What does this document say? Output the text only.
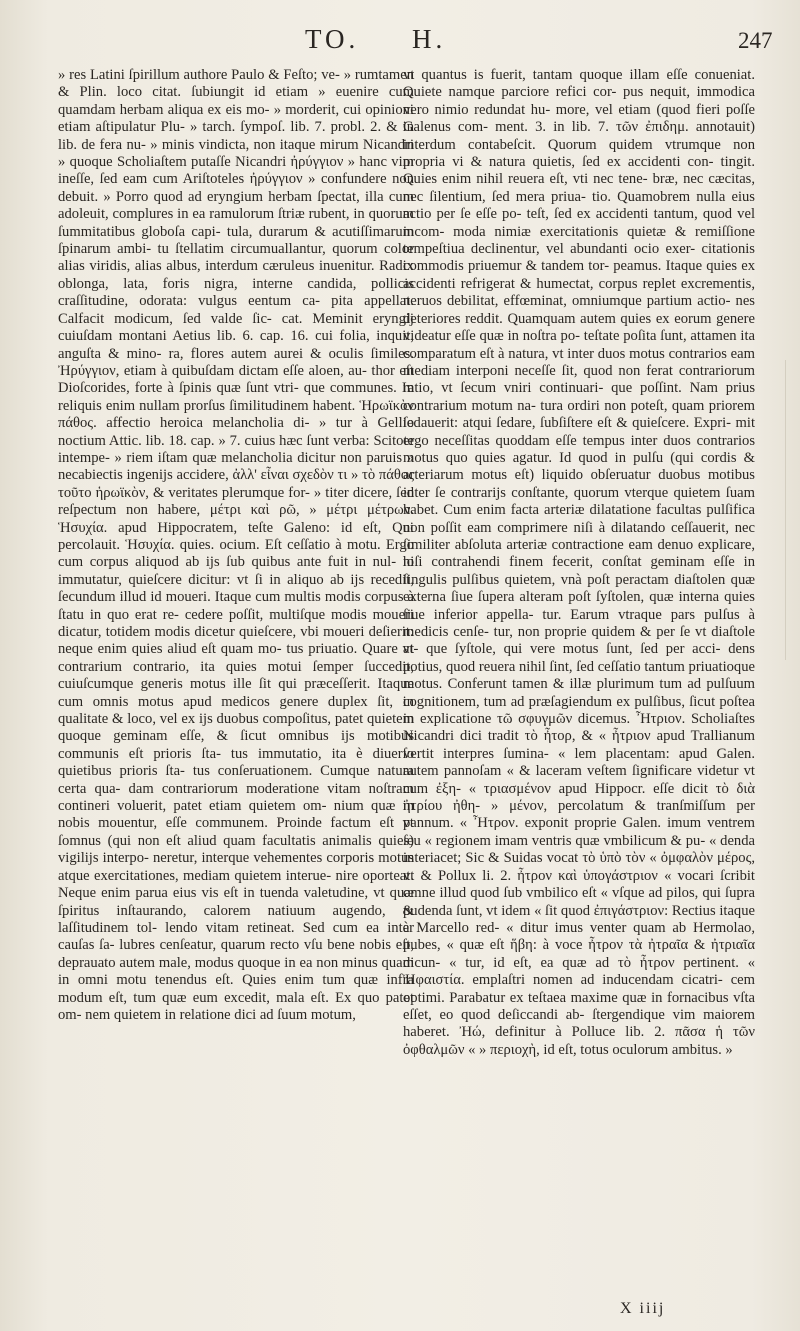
TO. H.	247

» res Latini ſpirillum authore Paulo & Feſto; ve- » rumtamen & Plin. loco citat. ſubiungit id etiam » euenire cum quamdam herbam aliqua ex eis mo- » morderit, cui opinioni etiam aſtipulatur Plu- » tarch. ſympoſ. lib. 7. probl. 2. & in lib. de fera nu- » minis vindicta, non itaque mirum Nicandri » quoque Scholiaſtem putaſſe Nicandri ἠρύγγιον » hanc vim ineſſe, ſed eam cum Ariſtoteles ἠρύγγιον » confundere non debuit. » Porro quod ad eryngium herbam ſpectat, illa cum adoleuit, complures in ea ramulorum ſtriæ rubent, in quorum ſummitatibus globoſa capi- tula, durarum & acutiſſimarum ſpinarum ambi- tu ſtellatim circumuallantur, quorum color alias viridis, alias albus, interdum cæruleus inuenitur. Radix oblonga, lata, foris nigra, interne candida, pollicis craſſitudine, odorata: vulgus eentum ca- pita appellat. Calfacit modicum, ſed valde ſic- cat. Meminit eryngij cuiuſdam montani Aetius lib. 6. cap. 16. cui folia, inquit, anguſta & mino- ra, flores autem aurei & oculis ſimiles. Ἠρύγγιον, etiam à quibuſdam dictam eſſe aloen, au- thor eſt Dioſcorides, forte à ſpinis quæ ſunt vtri- que communes. In reliquis enim nullam prorſus ſimilitudinem habent. Ἡρωϊκὸν πάθος. affectio heroica melancholia di- » tur à Gellio noctium Attic. lib. 18. cap. » 7. cuius hæc ſunt verba: Scitote intempe- » riem iſtam quæ melancholia dicitur non paruis » necabiectis ingenijs accidere, ἀλλ' εἶναι σχεδὸν τι » τὸ πάθος τοῦτο ἡρωϊκὸν, & veritates plerumque for- » titer dicere, ſed reſpectum non habere, μέτρι καὶ ρῶ, » μέτρι μέτρων. Ἡσυχία. apud Hippocratem, teſte Galeno: id eſt, Qui percolauit. Ἡσυχία. quies. ocium. Eſt ceſſatio à motu. Ergo cum corpus aliquod ab ijs ſub quibus ante fuit in nul- lo immutatur, quieſcere dicitur: vt ſi in aliquo ab ijs recedit, ſecundum illud id moueri. Itaque cum multis modis corpus à ſtatu in quo erat re- cedere poſſit, multiſque modis moueri dicatur, totidem modis dicetur quieſcere, vbi moueri deſierit: neque enim quies aliud eſt quam mo- tus priuatio. Quare vt contrarium contrario, ita quies motui ſemper ſuccedit, cuiuſcumque generis motus ille ſit qui præceſſerit. Itaque cum omnis motus apud medicos genere duplex ſit, in qualitate & loco, vel ex ijs duobus compoſitus, patet quietem quoque geminam eſſe, & ſicut omnibus ijs motibus communis eſt prioris ſta- tus immutatio, ita è diuerſo quietibus prioris ſta- tus conſeruationem. Cumque natura certa qua- dam contrariorum moderatione vitam noſtram contineri voluerit, patet etiam quietem om- nium quæ in nobis mouentur, eſſe communem. Proinde factum eſt vt ſomnus (qui non eſt aliud quam facultatis animalis quies) vigilijs interpo- neretur, interque vehementes corporis motus atque exercitationes, mediam quietem interue- nire oporteat. Neque enim parua eius vis eſt in tuenda valetudine, vt quæ ſpiritus inſtaurando, calorem natiuum augendo, & laſſitudinem tol- lendo vitam retineat. Sed cum ea inter cauſas ſa- lubres cenſeatur, quarum recto vſu bene nobis eſt, deprauato autem male, modus quoque in ea non minus quam in omni motu tenendus eſt. Quies enim tum quæ infra modum eſt, tum quæ eum excedit, mala eſt. Ex quo patet om- nem quietem in relatione dici ad ſuum motum,

vt quantus is fuerit, tantam quoque illam eſſe conueniat. Quiete namque parciore refici cor- pus nequit, immodica vero nimio redundat hu- more, vel etiam (quod fieri poſſe Galenus com- ment. 3. in lib. 7. τῶν ἐπιδημ. annotauit) interdum contabeſcit. Quorum quidem vtrumque non propria vi & natura quietis, ſed ex accidenti con- tingit. Quies enim nihil reuera eſt, vti nec tene- bræ, nec cæcitas, nec ſilentium, ſed mera priua- tio. Quamobrem nulla eius actio per ſe eſſe po- teſt, ſed ex accidenti tantum, quod vel incom- moda nimiæ exercitationis quietæ & remiſſione tempeſtiua declinentur, vel abundanti ocio exer- citationis commodis priuemur & tandem tor- peamus. Itaque quies ex accidenti refrigerat & humectat, corpus replet excrementis, neruos debilitat, effœminat, omniumque partium actio- nes deteriores reddit. Quamquam autem quies ex eorum genere videatur eſſe quæ in noſtra po- teſtate poſita ſunt, attamen ita comparatum eſt à natura, vt inter duos motus contrarios eam mediam interponi neceſſe ſit, quod non ferat contrariorum ratio, vt ſecum vniri continuari- que poſſint. Nam prius contrarium motum na- tura ordiri non poteſt, quam priorem ſedauerit: atqui ſedare, ſubſiſtere eſt & quieſcere. Expri- mit ergo neceſſitas quoddam eſſe tempus inter duos contrarios motus quo quies agatur. Id quod in pulſu (qui cordis & arteriarum motus eſt) liquido obſeruatur duobus motibus inter ſe contrarijs conſtante, quorum vterque quietem ſuam habet. Cum enim facta arteriæ dilatatione facultas pulſifica non poſſit eam comprimere niſi à dilatando ceſſauerit, nec ſimiliter abſoluta arteriæ contractione eam denuo explicare, niſi contrahendi finem fecerit, conſtat geminam eſſe in ſingulis pulſibus quietem, vnà poſt peractam diaſtolen quæ externa ſiue ſupera alteram poſt ſyſtolen, quæ interna quies ſiue inferior appella- tur. Earum vtraque pars pulſus à medicis cenſe- tur, non proprie quidem & per ſe vt diaſtole at- que ſyſtole, qui vere motus ſunt, ſed per acci- dens potius, quod reuera nihil ſint, ſed ceſſatio tantum priuatioque motus. Conferunt tamen & illæ plurimum tum ad pulſuum cognitionem, tum ad præſagiendum ex pulſibus, ſicut poſtea in explicatione τῶ σφυγμῶν dicemus. Ἦτριον. Scholiaſtes Nicandri dici tradit τὸ ἦτορ, & « ἦτριον apud Trallianum vertit interpres ſumina- « lem placentam: apud Galen. autem pannoſam « & laceram veſtem ſignificare videtur vt cum ἐξη- « τριασμένον apud Hippocr. eſſe dicit τὸ διὰ ἠτρίου ἠθη- » μένον, percolatum & tranſmiſſum per pannum. « Ἦτρον. exponit proprie Galen. imum ventrem ſeu « regionem imam ventris quæ vmbilicum & pu- « denda interiacet; Sic & Suidas vocat τὸ ὑπὸ τὸν « ὀμφαλὸν μέρος, vt & Pollux li. 2. ἦτρον καὶ ὑπογάστριον « vocari ſcribit omne illud quod ſub vmbilico eſt « vſque ad pilos, qui ſupra pudenda ſunt, vt idem « ſit quod ἐπιγάστριον: Rectius itaque à Marcello red- « ditur imus venter quam ab Hermolao, pubes, « quæ eſt ἥβη: à voce ἦτρον τὰ ἠτραῖα & ἠτριαῖα dicun- « tur, id eſt, ea quæ ad τὸ ἦτρον pertinent. « Ἠφαιστία. emplaſtri nomen ad inducendam cicatri- cem optimi. Parabatur ex teſtaea maxime quæ in fornacibus vſta eſſet, eo quod deſiccandi ab- ſtergendique vim maiorem haberet. Ἠώ, definitur à Polluce lib. 2. πᾶσα ἡ τῶν ὀφθαλμῶν « » περιοχὴ, id eſt, totus oculorum ambitus. »

X iiij
